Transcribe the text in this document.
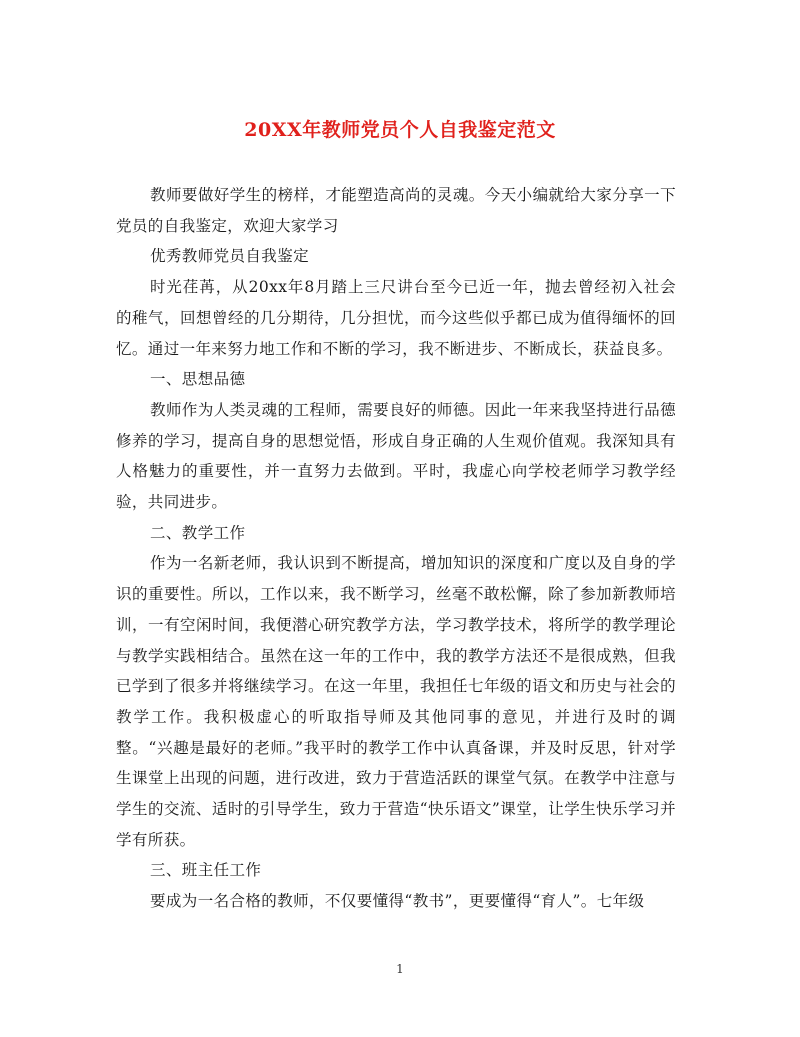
20XX年教师党员个人自我鉴定范文

教师要做好学生的榜样，才能塑造高尚的灵魂。今天小编就给大家分享一下党员的自我鉴定，欢迎大家学习

优秀教师党员自我鉴定

时光荏苒，从20xx年8月踏上三尺讲台至今已近一年，抛去曾经初入社会的稚气，回想曾经的几分期待，几分担忧，而今这些似乎都已成为值得缅怀的回忆。通过一年来努力地工作和不断的学习，我不断进步、不断成长，获益良多。

一、思想品德

教师作为人类灵魂的工程师，需要良好的师德。因此一年来我坚持进行品德修养的学习，提高自身的思想觉悟，形成自身正确的人生观价值观。我深知具有人格魅力的重要性，并一直努力去做到。平时，我虚心向学校老师学习教学经验，共同进步。

二、教学工作

作为一名新老师，我认识到不断提高，增加知识的深度和广度以及自身的学识的重要性。所以，工作以来，我不断学习，丝毫不敢松懈，除了参加新教师培训，一有空闲时间，我便潜心研究教学方法，学习教学技术，将所学的教学理论与教学实践相结合。虽然在这一年的工作中，我的教学方法还不是很成熟，但我已学到了很多并将继续学习。在这一年里，我担任七年级的语文和历史与社会的教学工作。我积极虚心的听取指导师及其他同事的意见，并进行及时的调整。“兴趣是最好的老师。”我平时的教学工作中认真备课，并及时反思，针对学生课堂上出现的问题，进行改进，致力于营造活跃的课堂气氛。在教学中注意与学生的交流、适时的引导学生，致力于营造“快乐语文”课堂，让学生快乐学习并学有所获。

三、班主任工作

要成为一名合格的教师，不仅要懂得“教书”，更要懂得“育人”。七年级

1
